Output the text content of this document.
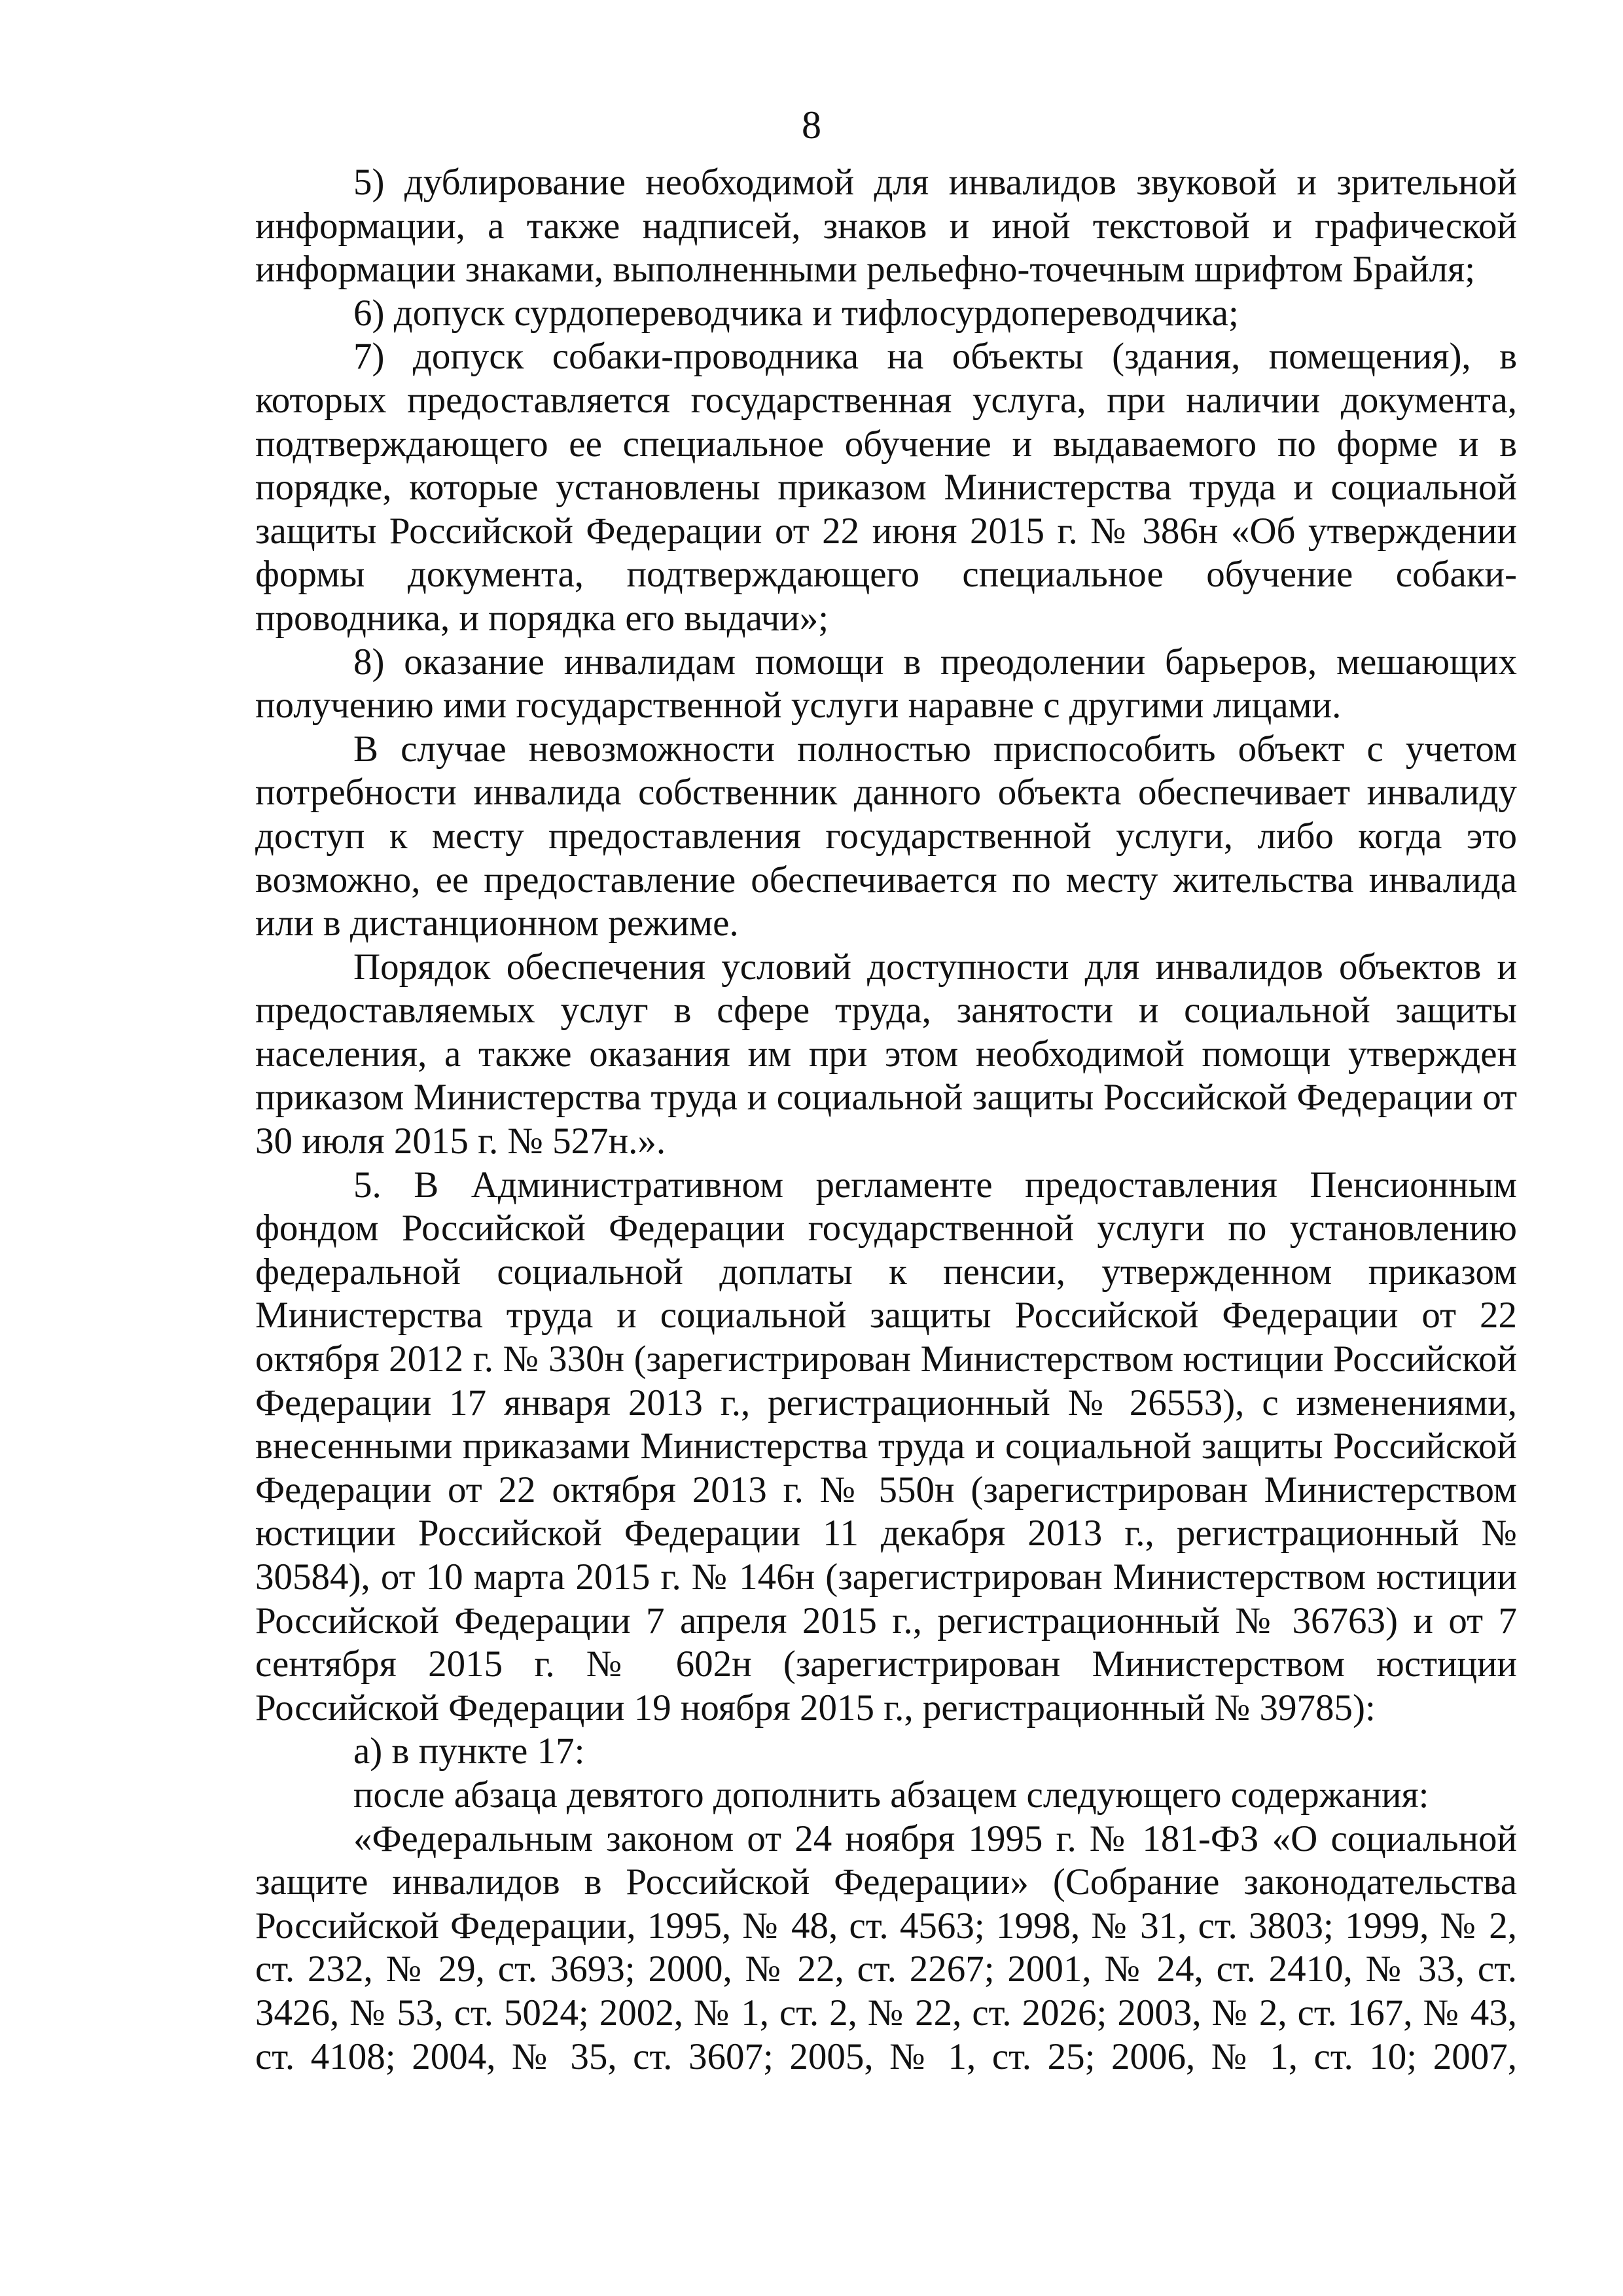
8

5) дублирование необходимой для инвалидов звуковой и зрительной информации, а также надписей, знаков и иной текстовой и графической информации знаками, выполненными рельефно-точечным шрифтом Брайля;

6) допуск сурдопереводчика и тифлосурдопереводчика;

7) допуск собаки-проводника на объекты (здания, помещения), в которых предоставляется государственная услуга, при наличии документа, подтверждающего ее специальное обучение и выдаваемого по форме и в порядке, которые установлены приказом Министерства труда и социальной защиты Российской Федерации от 22 июня 2015 г. № 386н «Об утверждении формы документа, подтверждающего специальное обучение собаки-проводника, и порядка его выдачи»;

8) оказание инвалидам помощи в преодолении барьеров, мешающих получению ими государственной услуги наравне с другими лицами.

В случае невозможности полностью приспособить объект с учетом потребности инвалида собственник данного объекта обеспечивает инвалиду доступ к месту предоставления государственной услуги, либо когда это возможно, ее предоставление обеспечивается по месту жительства инвалида или в дистанционном режиме.

Порядок обеспечения условий доступности для инвалидов объектов и предоставляемых услуг в сфере труда, занятости и социальной защиты населения, а также оказания им при этом необходимой помощи утвержден приказом Министерства труда и социальной защиты Российской Федерации от 30 июля 2015 г. № 527н.».

5. В Административном регламенте предоставления Пенсионным фондом Российской Федерации государственной услуги по установлению федеральной социальной доплаты к пенсии, утвержденном приказом Министерства труда и социальной защиты Российской Федерации от 22 октября 2012 г. № 330н (зарегистрирован Министерством юстиции Российской Федерации 17 января 2013 г., регистрационный № 26553), с изменениями, внесенными приказами Министерства труда и социальной защиты Российской Федерации от 22 октября 2013 г. № 550н (зарегистрирован Министерством юстиции Российской Федерации 11 декабря 2013 г., регистрационный № 30584), от 10 марта 2015 г. № 146н (зарегистрирован Министерством юстиции Российской Федерации 7 апреля 2015 г., регистрационный № 36763) и от 7 сентября 2015 г. № 602н (зарегистрирован Министерством юстиции Российской Федерации 19 ноября 2015 г., регистрационный № 39785):

а) в пункте 17:

после абзаца девятого дополнить абзацем следующего содержания:

«Федеральным законом от 24 ноября 1995 г. № 181-ФЗ «О социальной защите инвалидов в Российской Федерации» (Собрание законодательства Российской Федерации, 1995, № 48, ст. 4563; 1998, № 31, ст. 3803; 1999, № 2, ст. 232, № 29, ст. 3693; 2000, № 22, ст. 2267; 2001, № 24, ст. 2410, № 33, ст. 3426, № 53, ст. 5024; 2002, № 1, ст. 2, № 22, ст. 2026; 2003, № 2, ст. 167, № 43, ст. 4108; 2004, № 35, ст. 3607; 2005, № 1, ст. 25; 2006, № 1, ст. 10; 2007,
